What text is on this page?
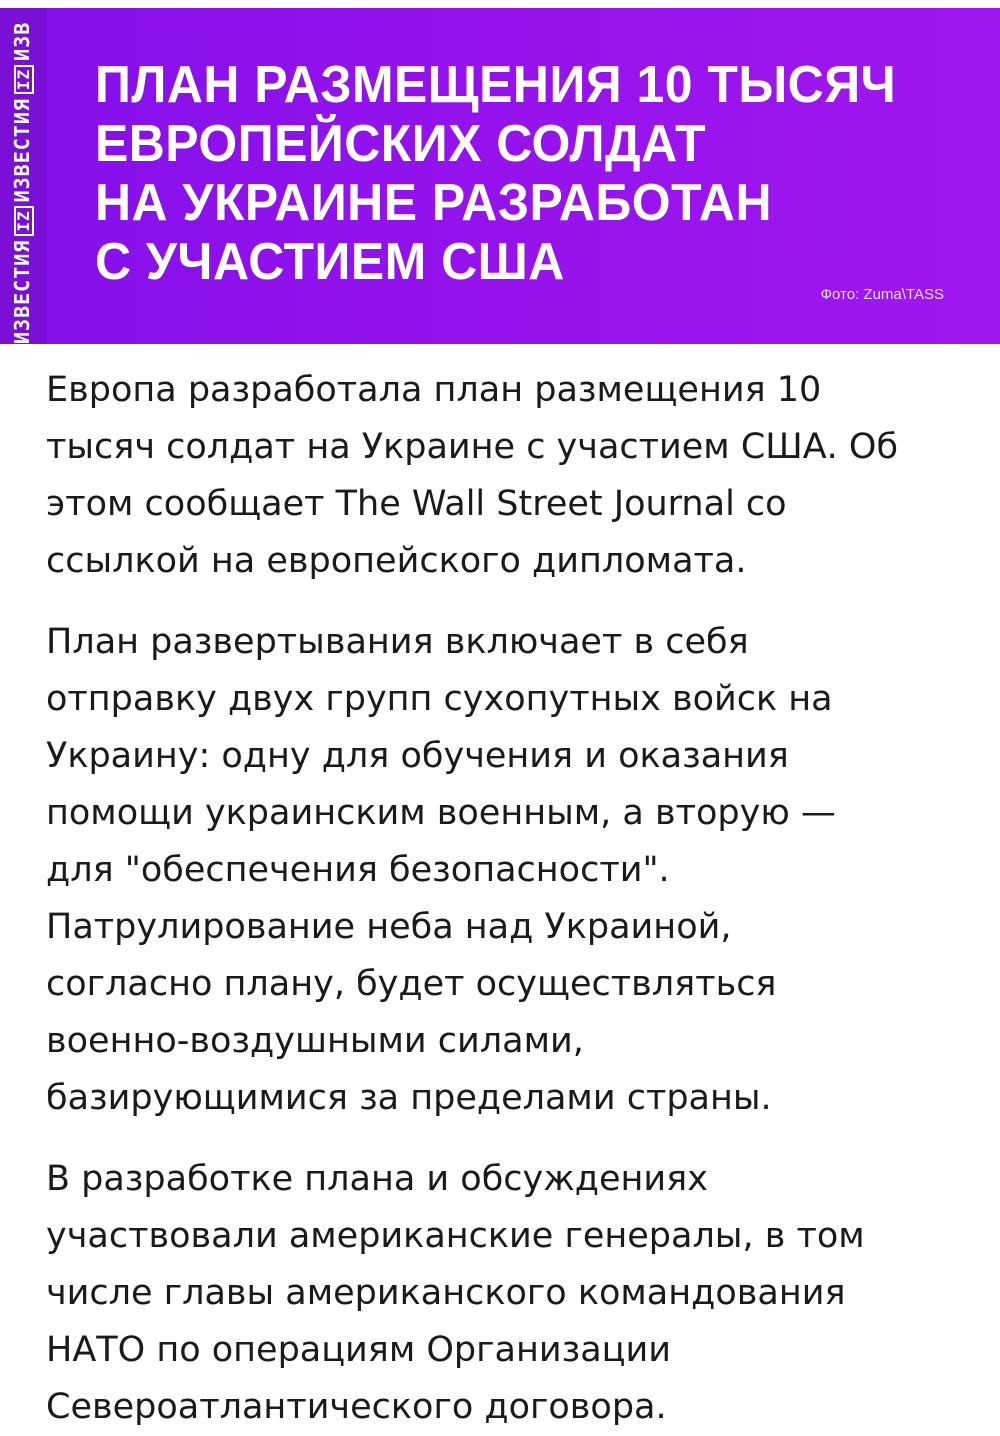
ИЗВЕСТИЯIZИЗВЕСТИЯIZИЗВ
ПЛАН РАЗМЕЩЕНИЯ 10 ТЫСЯЧ
ЕВРОПЕЙСКИХ СОЛДАТ
НА УКРАИНЕ РАЗРАБОТАН
С УЧАСТИЕМ США
Фото: Zuma\TASS

Европа разработала план размещения 10
тысяч солдат на Украине с участием США. Об
этом сообщает The Wall Street Journal со
ссылкой на европейского дипломата.

План развертывания включает в себя
отправку двух групп сухопутных войск на
Украину: одну для обучения и оказания
помощи украинским военным, а вторую —
для "обеспечения безопасности".
Патрулирование неба над Украиной,
согласно плану, будет осуществляться
военно-воздушными силами,
базирующимися за пределами страны.

В разработке плана и обсуждениях
участвовали американские генералы, в том
числе главы американского командования
НАТО по операциям Организации
Североатлантического договора.
